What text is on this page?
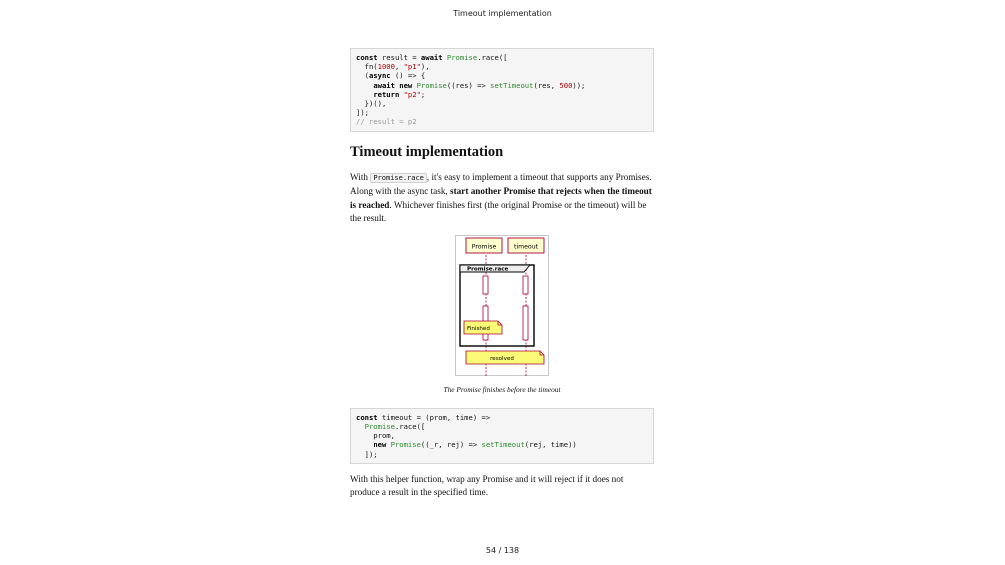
Timeout implementation
const result = await Promise.race([
fn(1000, "p1"),
(async () => {
await new Promise((res) => setTimeout(res, 500));
return "p2";
})(),
]);
// result = p2
Timeout implementation

With Promise.race , it's easy to implement a timeout that supports any Promises. Along with the async task, start another Promise that rejects when the timeout is reached. Whichever finishes first (the original Promise or the timeout) will be the result.

Promise	timeout
Promise.race
Finished
resolved
The Promise finishes before the timeout
const timeout = (prom, time) =>
Promise.race([
prom,
new Promise((_r, rej) => setTimeout(rej, time))
]);

With this helper function, wrap any Promise and it will reject if it does not produce a result in the specified time.

54 / 138
